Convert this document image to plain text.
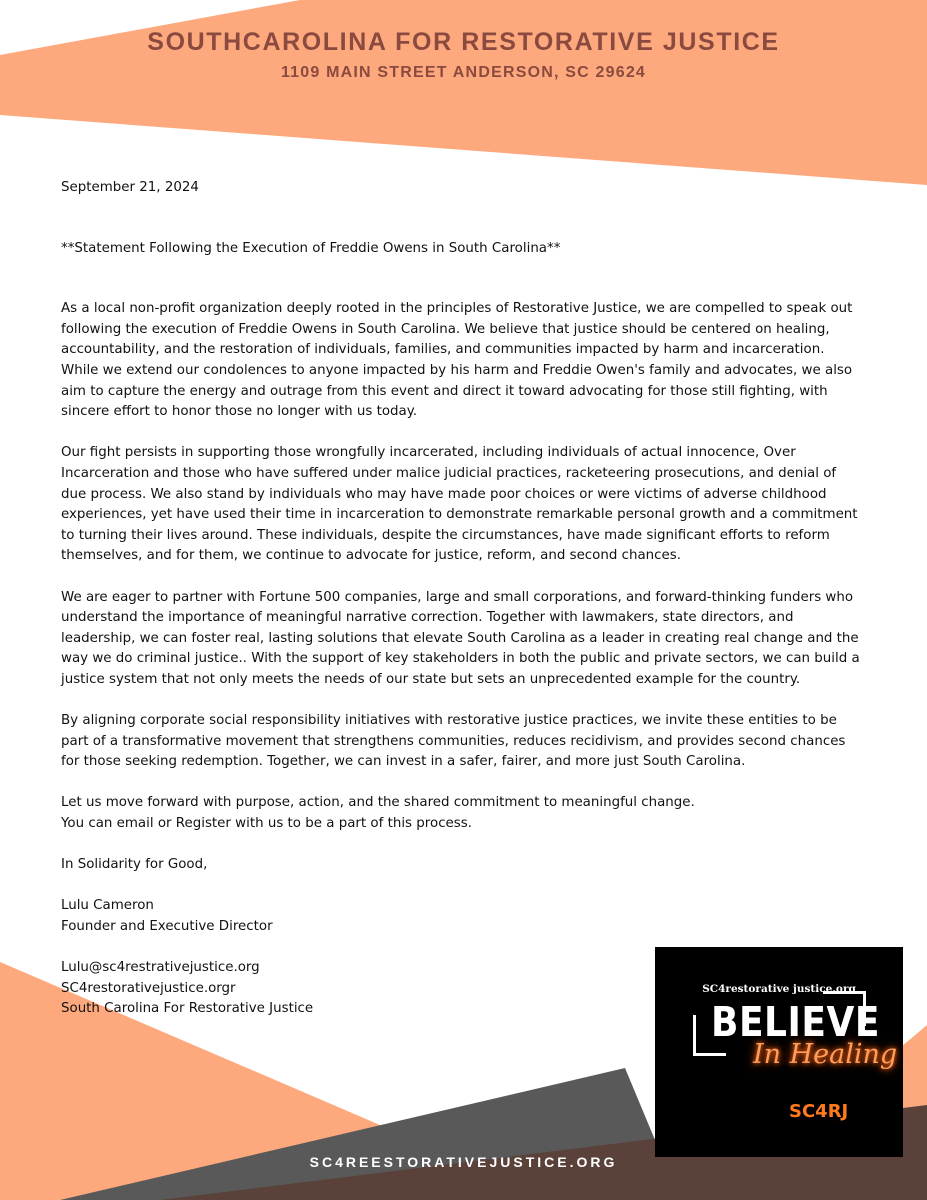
SOUTHCAROLINA FOR RESTORATIVE JUSTICE
1109 MAIN STREET ANDERSON, SC 29624

September 21, 2024

**Statement Following the Execution of Freddie Owens in South Carolina**

As a local non-profit organization deeply rooted in the principles of Restorative Justice, we are compelled to speak out following the execution of Freddie Owens in South Carolina. We believe that justice should be centered on healing, accountability, and the restoration of individuals, families, and communities impacted by harm and incarceration. While we extend our condolences to anyone impacted by his harm and Freddie Owen's family and advocates, we also aim to capture the energy and outrage from this event and direct it toward advocating for those still fighting, with sincere effort to honor those no longer with us today.

Our fight persists in supporting those wrongfully incarcerated, including individuals of actual innocence, Over Incarceration and those who have suffered under malice judicial practices, racketeering prosecutions, and denial of due process. We also stand by individuals who may have made poor choices or were victims of adverse childhood experiences, yet have used their time in incarceration to demonstrate remarkable personal growth and a commitment to turning their lives around. These individuals, despite the circumstances, have made significant efforts to reform themselves, and for them, we continue to advocate for justice, reform, and second chances.

We are eager to partner with Fortune 500 companies, large and small corporations, and forward-thinking funders who understand the importance of meaningful narrative correction. Together with lawmakers, state directors, and leadership, we can foster real, lasting solutions that elevate South Carolina as a leader in creating real change and the way we do criminal justice.. With the support of key stakeholders in both the public and private sectors, we can build a justice system that not only meets the needs of our state but sets an unprecedented example for the country.

By aligning corporate social responsibility initiatives with restorative justice practices, we invite these entities to be part of a transformative movement that strengthens communities, reduces recidivism, and provides second chances for those seeking redemption. Together, we can invest in a safer, fairer, and more just South Carolina.

Let us move forward with purpose, action, and the shared commitment to meaningful change.

You can email or Register with us to be a part of this process.

In Solidarity for Good,

Lulu Cameron

Founder and Executive Director

Lulu@sc4restrativejustice.org

SC4restorativejustice.orgr

South Carolina For Restorative Justice

SC4restorative justice.org
BELIEVE
In Healing
SC4RJ
SC4REESTORATIVEJUSTICE.ORG
